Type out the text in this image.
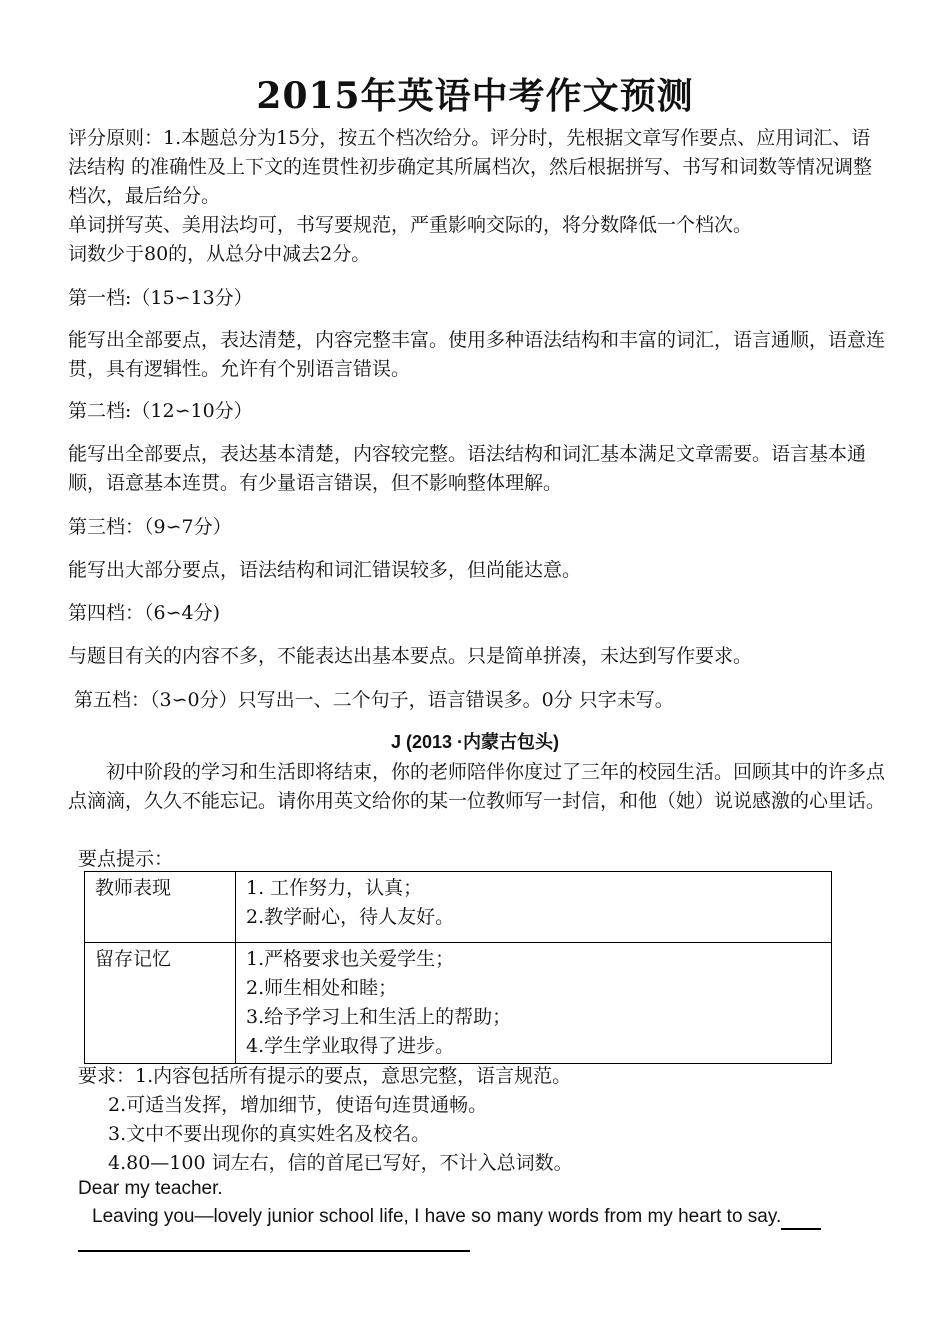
2015年英语中考作文预测
评分原则：1.本题总分为15分，按五个档次给分。评分时，先根据文章写作要点、应用词汇、语法结构 的准确性及上下文的连贯性初步确定其所属档次，然后根据拼写、书写和词数等情况调整 档次，最后给分。
单词拼写英、美用法均可，书写要规范，严重影响交际的，将分数降低一个档次。
词数少于80的，从总分中减去2分。
第一档:（15∽13分）
能写出全部要点，表达清楚，内容完整丰富。使用多种语法结构和丰富的词汇，语言通顺，语意连贯，具有逻辑性。允许有个别语言错误。
第二档:（12∽10分）
能写出全部要点，表达基本清楚，内容较完整。语法结构和词汇基本满足文章需要。语言基本通顺，语意基本连贯。有少量语言错误，但不影响整体理解。
第三档：（9∽7分）
能写出大部分要点，语法结构和词汇错误较多，但尚能达意。
第四档：（6∽4分)
与题目有关的内容不多，不能表达出基本要点。只是简单拼凑，未达到写作要求。
第五档：（3∽0分）只写出一、二个句子，语言错误多。0分 只字未写。
J (2013 ·内蒙古包头)
初中阶段的学习和生活即将结束，你的老师陪伴你度过了三年的校园生活。回顾其中的许多点点滴滴，久久不能忘记。请你用英文给你的某一位教师写一封信，和他（她）说说感激的心里话。
要点提示：
教师表现	1. 工作努力，认真；
2.教学耐心，待人友好。

留存记忆	1.严格要求也关爱学生；
2.师生相处和睦；
3.给予学习上和生活上的帮助；
4.学生学业取得了进步。
要求：1.内容包括所有提示的要点，意思完整，语言规范。
2.可适当发挥，增加细节，使语句连贯通畅。
3.文中不要出现你的真实姓名及校名。
4.80—100 词左右，信的首尾已写好，不计入总词数。
Dear my teacher.
Leaving you—lovely junior school life, I have so many words from my heart to say.
